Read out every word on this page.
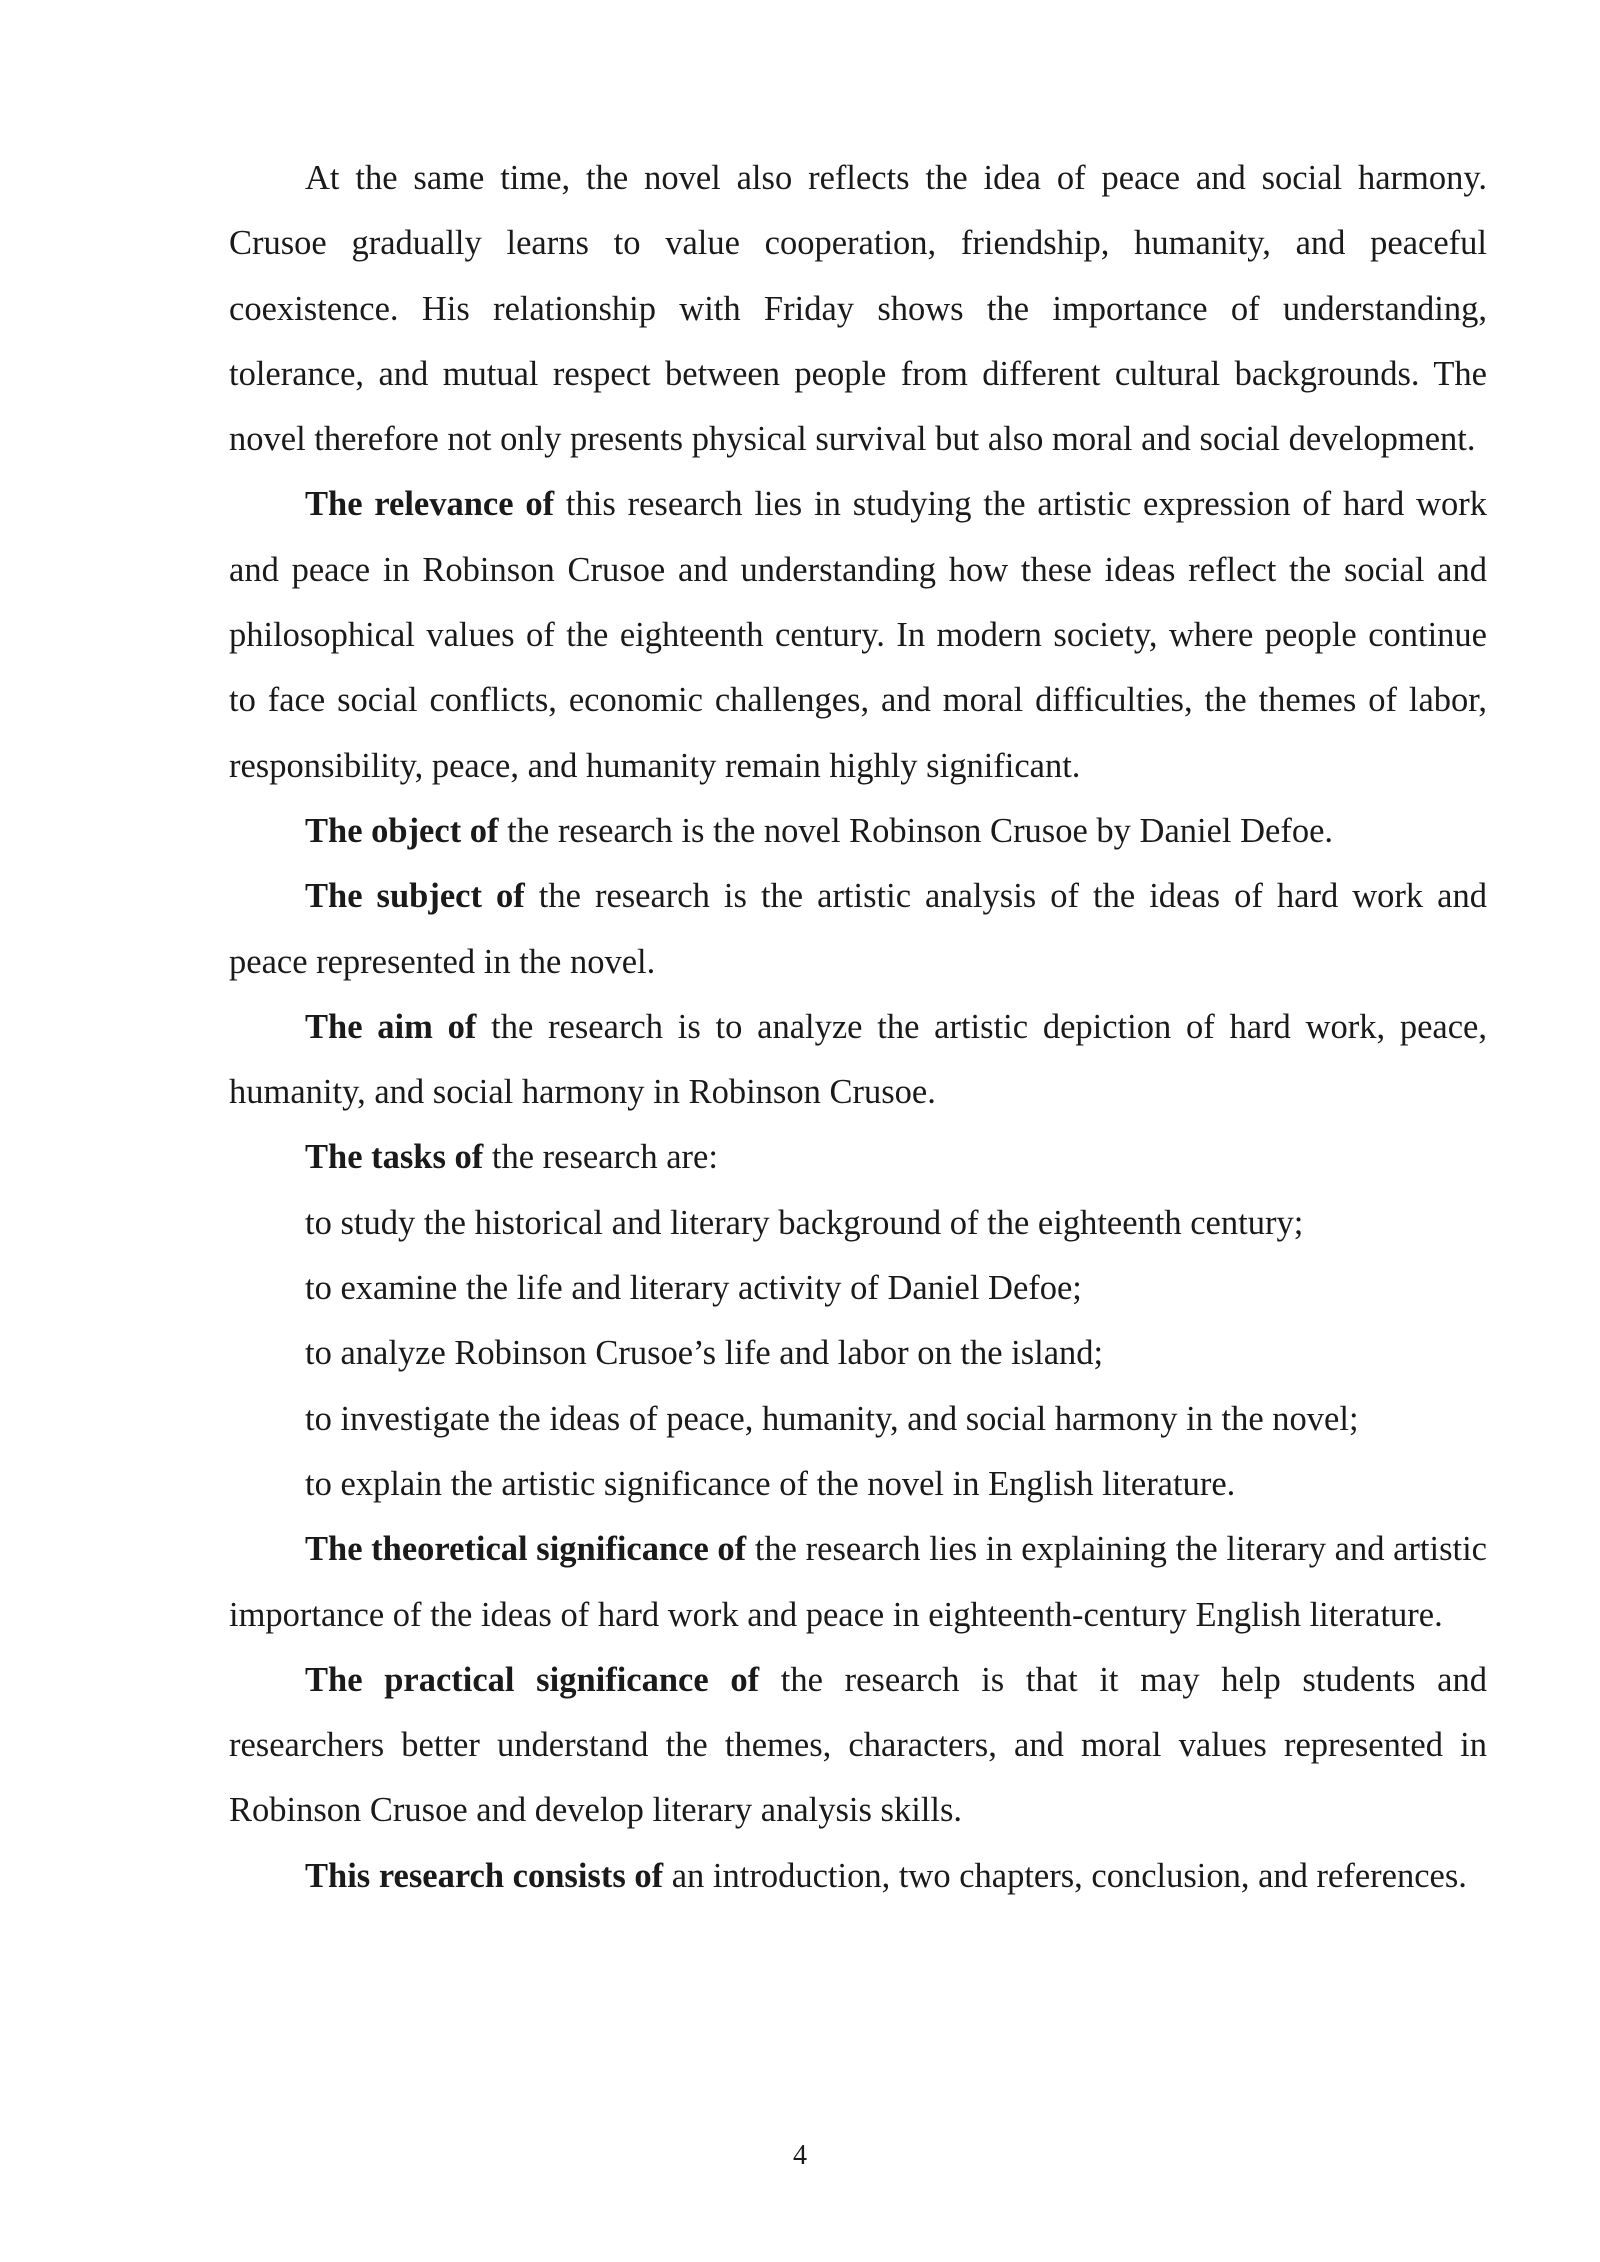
At the same time, the novel also reflects the idea of peace and social harmony. Crusoe gradually learns to value cooperation, friendship, humanity, and peaceful coexistence. His relationship with Friday shows the importance of understanding, tolerance, and mutual respect between people from different cultural backgrounds. The novel therefore not only presents physical survival but also moral and social development.

The relevance of this research lies in studying the artistic expression of hard work and peace in Robinson Crusoe and understanding how these ideas reflect the social and philosophical values of the eighteenth century. In modern society, where people continue to face social conflicts, economic challenges, and moral difficulties, the themes of labor, responsibility, peace, and humanity remain highly significant.

The object of the research is the novel Robinson Crusoe by Daniel Defoe.

The subject of the research is the artistic analysis of the ideas of hard work and peace represented in the novel.

The aim of the research is to analyze the artistic depiction of hard work, peace, humanity, and social harmony in Robinson Crusoe.

The tasks of the research are:

to study the historical and literary background of the eighteenth century;

to examine the life and literary activity of Daniel Defoe;

to analyze Robinson Crusoe’s life and labor on the island;

to investigate the ideas of peace, humanity, and social harmony in the novel;

to explain the artistic significance of the novel in English literature.

The theoretical significance of the research lies in explaining the literary and artistic importance of the ideas of hard work and peace in eighteenth-century English literature.

The practical significance of the research is that it may help students and researchers better understand the themes, characters, and moral values represented in Robinson Crusoe and develop literary analysis skills.

This research consists of an introduction, two chapters, conclusion, and references.

4
